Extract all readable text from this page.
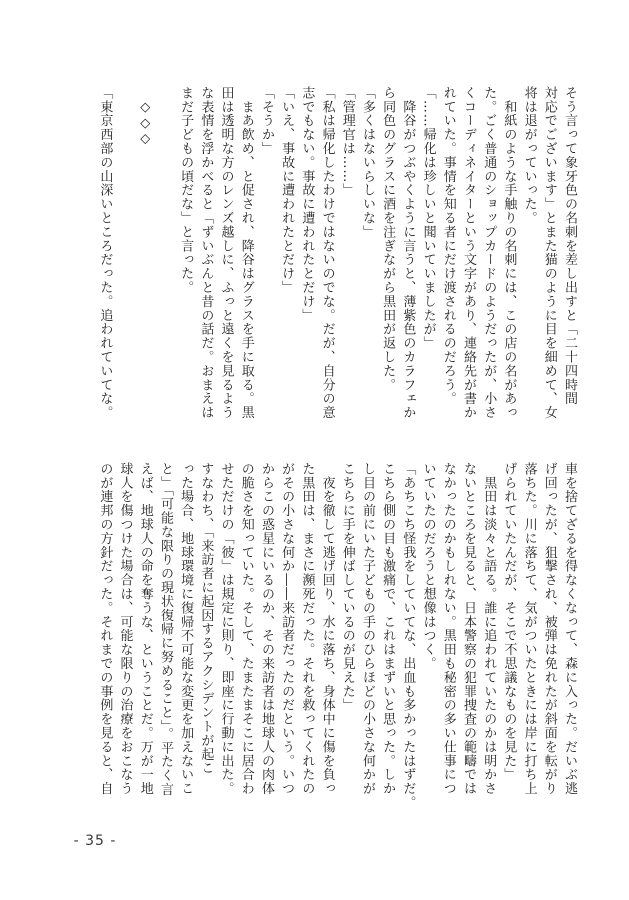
そう言って象牙色の名刺を差し出すと「二十四時間
対応でございます」とまた猫のように目を細めて、女
将は退がっていった。
　和紙のような手触りの名刺には、この店の名があっ
た。ごく普通のショップカードのようだったが、小さ
くコーディネイターという文字があり、連絡先が書か
れていた。事情を知る者にだけ渡されるのだろう。
「……帰化は珍しいと聞いていましたが」
　降谷がつぶやくように言うと、薄紫色のカラフェか
ら同色のグラスに酒を注ぎながら黒田が返した。
「多くはないらしいな」
「管理官は……」
「私は帰化したわけではないのでな。だが、自分の意
志でもない。事故に遭われたとだけ」
「いえ、事故に遭われたとだけ」
「そうか」
　まあ飲め、と促され、降谷はグラスを手に取る。黒
田は透明な方のレンズ越しに、ふっと遠くを見るよう
な表情を浮かべると「ずいぶんと昔の話だ。おまえは
まだ子どもの頃だな」と言った。
　◇◇◇
「東京西部の山深いところだった。追われていてな。
車を捨てざるを得なくなって、森に入った。だいぶ逃
げ回ったが、狙撃され、被弾は免れたが斜面を転がり
落ちた。川に落ちて、気がついたときには岸に打ち上
げられていたんだが、そこで不思議なものを見た」
　黒田は淡々と語る。誰に追われていたのかは明かさ
ないところを見ると、日本警察の犯罪捜査の範疇では
なかったのかもしれない。黒田も秘密の多い仕事につ
いていたのだろうと想像はつく。
「あちこち怪我をしていてな、出血も多かったはずだ。
こちら側の目も激痛で、これはまずいと思った。しか
し目の前にいた子どもの手のひらほどの小さな何かが
こちらに手を伸ばしているのが見えた」
　夜を徹して逃げ回り、水に落ち、身体中に傷を負っ
た黒田は、まさに瀕死だった。それを救ってくれたの
がその小さな何か――来訪者だったのだという。いつ
からこの惑星にいるのか、その来訪者は地球人の肉体
の脆さを知っていた。そして、たまたまそこに居合わ
せただけの「彼」は規定に則り、即座に行動に出た。
すなわち、「来訪者に起因するアクシデントが起こ
った場合、地球環境に復帰不可能な変更を加えないこ
と」「可能な限りの現状復帰に努めること」。平たく言
えば、地球人の命を奪うな、ということだ。万が一地
球人を傷つけた場合は、可能な限りの治療をおこなう
のが連邦の方針だった。それまでの事例を見ると、自
- 35 -
